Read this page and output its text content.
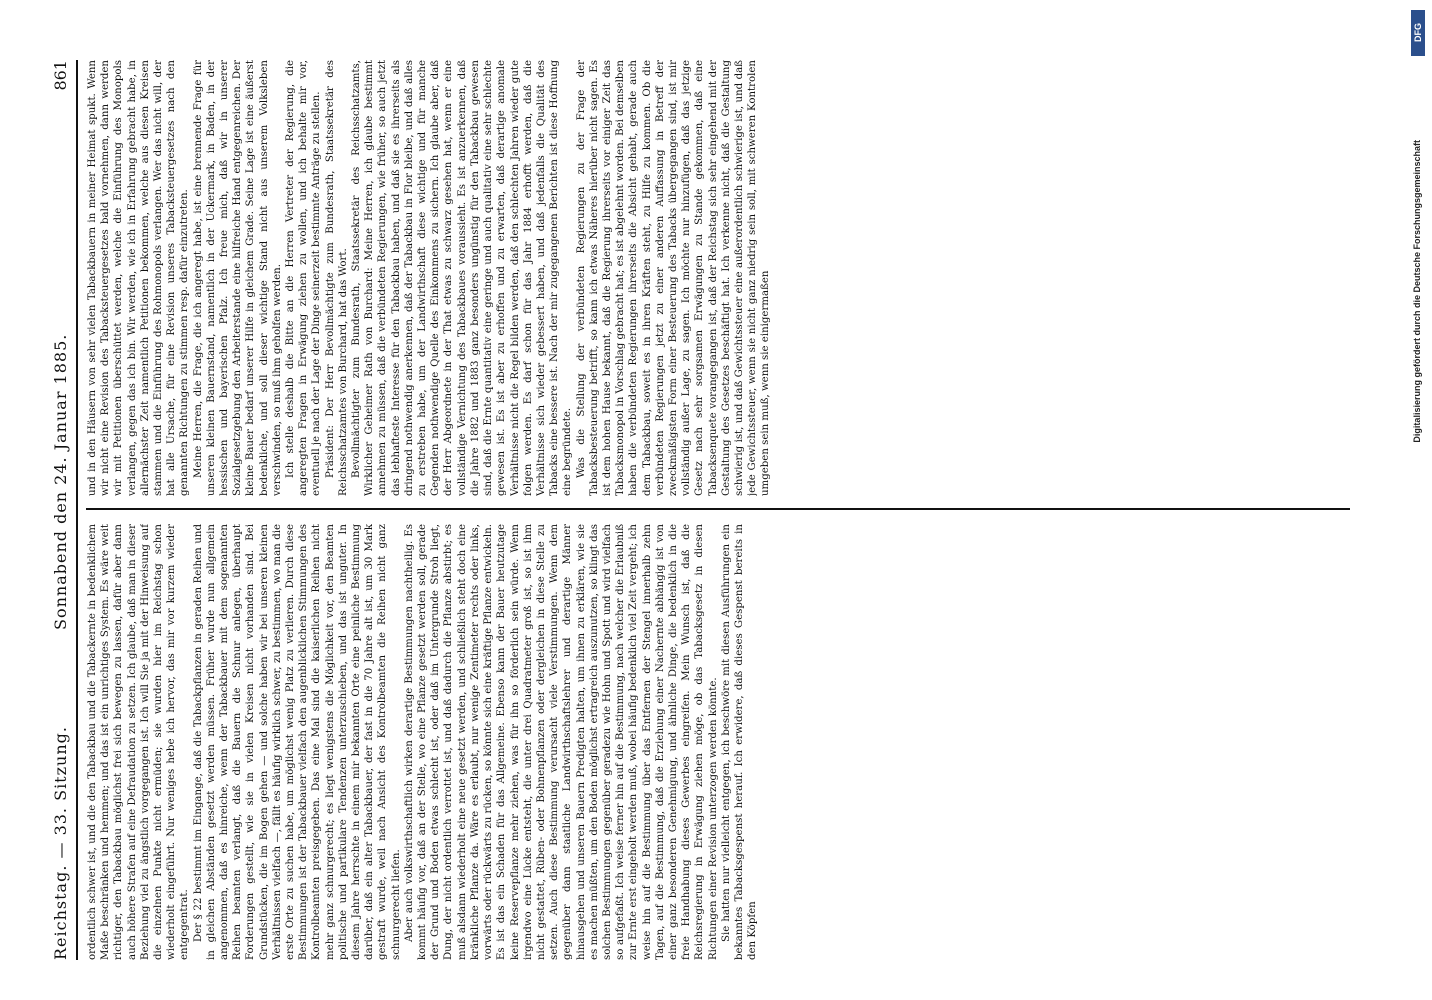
Reichstag. — 33. Sitzung.
Sonnabend den 24. Januar 1885.
861

ordentlich schwer ist, und die den Tabackbau und die Tabackernte in bedenklichem Maße beschränken und hemmen; und das ist ein unrichtiges System. Es wäre weit richtiger, den Tabackbau möglichst frei sich bewegen zu lassen, dafür aber dann auch höhere Strafen auf eine Defraudation zu setzen. Ich glaube, daß man in dieser Beziehung viel zu ängstlich vorgegangen ist. Ich will Sie ja mit der Hinweisung auf die einzelnen Punkte nicht ermüden; sie wurden hier im Reichstag schon wiederholt eingeführt. Nur weniges hebe ich hervor, das mir vor kurzem wieder entgegentrat. Der § 22 bestimmt im Eingange, daß die Tabackpflanzen in geraden Reihen und in gleichen Abständen gesetzt werden müssen. Früher wurde nun allgemein angenommen, daß es hinreiche, wenn der Tabackbauer mit dem sogenannten Reihen beamten verlangt, daß die Bauern die Schnur anlegen, überhaupt Forderungen gestellt, wie sie in vielen Kreisen nicht vorhanden sind. Bei Grundstücken, die im Bogen gehen — und solche haben wir bei unseren kleinen Verhältnissen vielfach —, fällt es häufig wirklich schwer, zu bestimmen, wo man die erste Orte zu suchen habe, um möglichst wenig Platz zu verlieren. Durch diese Bestimmungen ist der Tabackbauer vielfach den augenblicklichen Stimmungen des Kontrolbeamten preisgegeben. Das eine Mal sind die kaiserlichen Reihen nicht mehr ganz schnurgerecht; es liegt wenigstens die Möglichkeit vor, den Beamten politische und partikulare Tendenzen unterzuschieben, und das ist unguter. In diesem Jahre herrschte in einem mir bekannten Orte eine peinliche Bestimmung darüber, daß ein alter Tabackbauer, der fast in die 70 Jahre alt ist, um 30 Mark gestraft wurde, weil nach Ansicht des Kontrolbeamten die Reihen nicht ganz schnurgerecht liefen. Aber auch volkswirthschaftlich wirken derartige Bestimmungen nachtheilig. Es kommt häufig vor, daß an der Stelle, wo eine Pflanze gesetzt werden soll, gerade der Grund und Boden etwas schlecht ist, oder daß im Untergrunde Stroh liegt, Dung, der nicht ordentlich verrottet ist, und daß dadurch die Pflanze abstirbt; es muß alsdann wiederholt eine neue gesetzt werden, und schließlich steht doch eine kränkliche Pflanze da. Wäre es erlaubt, nur wenige Zentimeter rechts oder links, vorwärts oder rückwärts zu rücken, so könnte sich eine kräftige Pflanze entwickeln. Es ist das ein Schaden für das Allgemeine. Ebenso kann der Bauer heutzutage keine Reservepflanze mehr ziehen, was für ihn so förderlich sein würde. Wenn irgendwo eine Lücke entsteht, die unter drei Quadratmeter groß ist, so ist ihm nicht gestattet, Rüben- oder Bohnenpflanzen oder dergleichen in diese Stelle zu setzen. Auch diese Bestimmung verursacht viele Verstimmungen. Wenn dem gegenüber dann staatliche Landwirthschaftslehrer und derartige Männer hinausgehen und unseren Bauern Predigten halten, um ihnen zu erklären, wie sie es machen müßten, um den Boden möglichst ertragreich auszunutzen, so klingt das solchen Bestimmungen gegenüber geradezu wie Hohn und Spott und wird vielfach so aufgefaßt. Ich weise ferner hin auf die Bestimmung, nach welcher die Erlaubniß zur Ernte erst eingeholt werden muß, wobei häufig bedenklich viel Zeit vergeht; ich weise hin auf die Bestimmung über das Entfernen der Stengel innerhalb zehn Tagen, auf die Bestimmung, daß die Erziehung einer Nachernte abhängig ist von einer ganz besonderen Genehmigung, und ähnliche Dinge, die bedenklich in die freie Handhabung dieses Gewerbes eingreifen. Mein Wunsch ist, daß die Reichsregierung in Erwägung ziehen möge, ob das Tabacksgesetz in diesen Richtungen einer Revision unterzogen werden könnte. Sie hatten nur vielleicht entgegen, ich beschwöre mit diesen Ausführungen ein bekanntes Tabacksgespenst herauf. Ich erwidere, daß dieses Gespenst bereits in den Köpfen

und in den Häusern von sehr vielen Tabackbauern in meiner Heimat spukt. Wenn wir nicht eine Revision des Tabacksteuergesetzes bald vornehmen, dann werden wir mit Petitionen überschüttet werden, welche die Einführung des Monopols verlangen, gegen das ich bin. Wir werden, wie ich in Erfahrung gebracht habe, in allernächster Zeit namentlich Petitionen bekommen, welche aus diesen Kreisen stammen und die Einführung des Rohmonopols verlangen. Wer das nicht will, der hat alle Ursache, für eine Revision unseres Tabacksteuergesetzes nach den genannten Richtungen zu stimmen resp. dafür einzutreten. Meine Herren, die Frage, die ich angeregt habe, ist eine brennende Frage für unseren kleinen Bauernstand, namentlich in der Uckermark, in Baden, in der hessischen und bayerischen Pfalz. Ich freue mich, daß wir in unserer Sozialgesetzgebung den Arbeiterstande eine hilfreiche Hand entgegenreichen. Der kleine Bauer bedarf unserer Hilfe in gleichem Grade. Seine Lage ist eine äußerst bedenkliche, und soll dieser wichtige Stand nicht aus unserem Volksleben verschwinden, so muß ihm geholfen werden. Ich stelle deshalb die Bitte an die Herren Vertreter der Regierung, die angeregten Fragen in Erwägung ziehen zu wollen, und ich behalte mir vor, eventuell je nach der Lage der Dinge seinerzeit bestimmte Anträge zu stellen. Präsident: Der Herr Bevollmächtigte zum Bundesrath, Staatssekretär des Reichsschatzamtes von Burchard, hat das Wort. Bevollmächtigter zum Bundesrath, Staatssekretär des Reichsschatzamts, Wirklicher Geheimer Rath von Burchard: Meine Herren, ich glaube bestimmt annehmen zu müssen, daß die verbündeten Regierungen, wie früher, so auch jetzt das lebhafteste Interesse für den Tabackbau haben, und daß sie es ihrerseits als dringend nothwendig anerkennen, daß der Tabackbau in Flor bleibe, und daß alles zu erstreben habe, um der Landwirthschaft diese wichtige und für manche Gegenden nothwendige Quelle des Einkommens zu sichern. Ich glaube aber, daß der Herr Abgeordnete in der That etwas zu schwarz gesehen hat, wenn er eine vollständige Vernichtung des Tabackbaues voraussieht. Es ist anzuerkennen, daß die Jahre 1882 und 1883 ganz besonders ungünstig für den Tabackbau gewesen sind, daß die Ernte quantitativ eine geringe und auch qualitativ eine sehr schlechte gewesen ist. Es ist aber zu erhoffen und zu erwarten, daß derartige anomale Verhältnisse nicht die Regel bilden werden, daß den schlechten Jahren wieder gute folgen werden. Es darf schon für das Jahr 1884 erhofft werden, daß die Verhältnisse sich wieder gebessert haben, und daß jedenfalls die Qualität des Tabacks eine bessere ist. Nach der mir zugegangenen Berichten ist diese Hoffnung eine begründete. Was die Stellung der verbündeten Regierungen zu der Frage der Tabacksbesteuerung betrifft, so kann ich etwas Näheres hierüber nicht sagen. Es ist dem hohen Hause bekannt, daß die Regierung ihrerseits vor einiger Zeit das Tabacksmonopol in Vorschlag gebracht hat; es ist abgelehnt worden. Bei demselben haben die verbündeten Regierungen ihrerseits die Absicht gehabt, gerade auch dem Tabackbau, soweit es in ihren Kräften steht, zu Hilfe zu kommen. Ob die verbündeten Regierungen jetzt zu einer anderen Auffassung in Betreff der zweckmäßigsten Form einer Besteuerung des Tabacks übergegangen sind, ist mir vollständig außer Lage, zu sagen. Ich möchte nur hinzufügen, daß das jetzige Gesetz nach sehr sorgsamen Erwägungen zu Stande gekommen, daß eine Tabacksenquete vorangegangen ist, daß der Reichstag sich sehr eingehend mit der Gestaltung des Gesetzes beschäftigt hat. Ich verkenne nicht, daß die Gestaltung schwierig ist, und daß Gewichtssteuer eine außerordentlich schwierige ist, und daß jede Gewichtssteuer, wenn sie nicht ganz niedrig sein soll, mit schweren Kontrolen umgeben sein muß, wenn sie einigermaßen

DFG
Digitalisierung gefördert durch die Deutsche Forschungsgemeinschaft
